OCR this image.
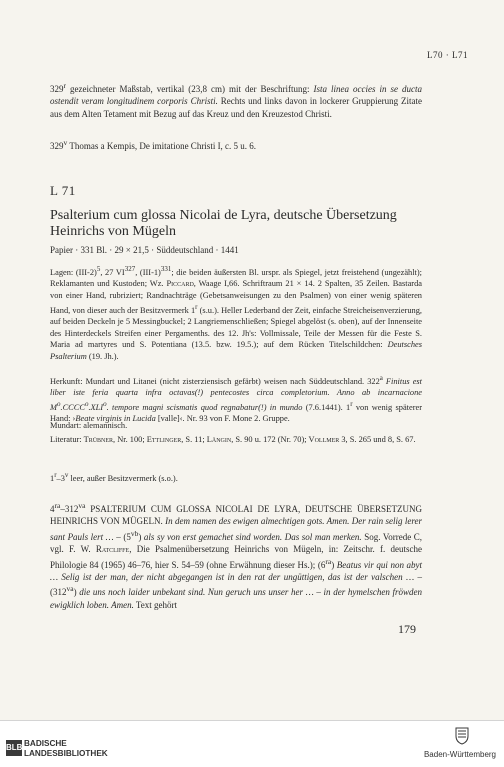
L70 · L71
329$^r$ gezeichneter Maßstab, vertikal (23,8 cm) mit der Beschriftung: Ista linea occies in se ducta ostendit veram longitudinem corporis Christi. Rechts und links davon in lockerer Gruppierung Zitate aus dem Alten Tetament mit Bezug auf das Kreuz und den Kreuzestod Christi.
329$^v$ Thomas a Kempis, De imitatione Christi I, c. 5 u. 6.
L 71
Psalterium cum glossa Nicolai de Lyra, deutsche Übersetzung Heinrichs von Mügeln
Papier · 331 Bl. · 29 × 21,5 · Süddeutschland · 1441
Lagen: $(III-2)^5$, 27 VI$^{327}$, $(III-1)^{331}$; die beiden äußersten Bl. urspr. als Spiegel, jetzt freistehend (ungezählt); Reklamanten und Kustoden; Wz. Piccard, Waage I,66. Schriftraum 21 × 14. 2 Spalten, 35 Zeilen. Bastarda von einer Hand, rubriziert; Randnachträge (Gebetsanweisungen zu den Psalmen) von einer wenig späteren Hand, von dieser auch der Besitzvermerk 1$^r$ (s.u.). Heller Lederband der Zeit, einfache Streicheisenverzierung, auf beiden Deckeln je 5 Messingbuckel; 2 Langriemenschließen; Spiegel abgelöst (s. oben), auf der Innenseite des Hinterdeckels Streifen einer Pergamenths. des 12. Jh's: Vollmissale, Teile der Messen für die Feste S. Maria ad martyres und S. Potentiana (13.5. bzw. 19.5.); auf dem Rücken Titelschildchen: Deutsches Psalterium (19. Jh.).
Herkunft: Mundart und Litanei (nicht zisterziensisch gefärbt) weisen nach Süddeutschland. 322$^a$ Finitus est liber iste feria quarta infra octavas(!) pentecostes circa completorium. Anno ab incarnacione $M^o.CCCC^o.XLI^o$. tempore magni scismatis quod regnabatur(!) in mundo (7.6.1441). 1$^r$ von wenig späterer Hand: ›Beate virginis in Lucida [valle]‹. Nr. 93 von F. Mone 2. Gruppe.
Mundart: alemannisch.
Literatur: Trübner, Nr. 100; Ettlinger, S. 11; Längin, S. 90 u. 172 (Nr. 70); Vollmer 3, S. 265 und 8, S. 67.
1$^r$–3$^v$ leer, außer Besitzvermerk (s.o.).
$4^{ra}-312^{va}$ PSALTERIUM CUM GLOSSA NICOLAI DE LYRA, DEUTSCHE ÜBERSETZUNG HEINRICHS VON MÜGELN. In dem namen des ewigen almechtigen gots. Amen. Der rain selig lerer sant Pauls lert … – $(5^{vb})$ als sy von erst gemachet sind worden. Das sol man merken. Sog. Vorrede C, vgl. F. W. Ratcliffe, Die Psalmenübersetzung Heinrichs von Mügeln, in: Zeitschr. f. deutsche Philologie 84 (1965) 46–76, hier S. 54–59 (ohne Erwähnung dieser Hs.); $(6^{ra})$ Beatus vir qui non abyt … Selig ist der man, der nicht abgegangen ist in den rat der ungüttigen, das ist der valschen … – $(312^{va})$ die uns noch laider unbekant sind. Nun geruch uns unser her … – in der hymelschen fröwden ewigklich loben. Amen. Text gehört
179
BLB BADISCHE
LANDESBIBLIOTHEK	Baden-Württemberg
